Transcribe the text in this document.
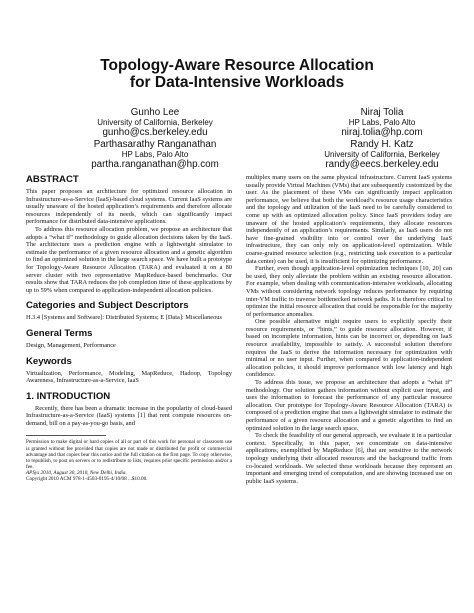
Topology-Aware Resource Allocation
for Data-Intensive Workloads
Gunho Lee
University of California, Berkeley
gunho@cs.berkeley.edu
Niraj Tolia
HP Labs, Palo Alto
niraj.tolia@hp.com
Parthasarathy Ranganathan
HP Labs, Palo Alto
partha.ranganathan@hp.com
Randy H. Katz
University of California, Berkeley
randy@eecs.berkeley.edu
ABSTRACT

This paper proposes an architecture for optimized resource allocation in Infrastructure-as-a-Service (IaaS)-based cloud systems. Current IaaS systems are usually unaware of the hosted application’s requirements and therefore allocate resources independently of its needs, which can significantly impact performance for distributed data-intensive applications.

To address this resource allocation problem, we propose an architecture that adopts a “what if” methodology to guide allocation decisions taken by the IaaS. The architecture uses a prediction engine with a lightweight simulator to estimate the performance of a given resource allocation and a genetic algorithm to find an optimized solution in the large search space. We have built a prototype for Topology-Aware Resource Allocation (TARA) and evaluated it on a 80 server cluster with two representative MapReduce-based benchmarks. Our results show that TARA reduces the job completion time of these applications by up to 59% when compared to application-independent allocation policies.

Categories and Subject Descriptors

H.3.4 [Systems and Software]: Distributed Systems; E [Data]: Miscellaneous

General Terms

Design, Management, Performance

Keywords

Virtualization, Performance, Modeling, MapReduce, Hadoop, Topology Awareness, Infrastructure-as-a-Service, IaaS

1. INTRODUCTION

Recently, there has been a dramatic increase in the popularity of cloud-based Infrastructure-as-a-Service (IaaS) systems [1] that rent compute resources on-demand, bill on a pay-as-you-go basis, and

Permission to make digital or hard copies of all or part of this work for personal or classroom use is granted without fee provided that copies are not made or distributed for profit or commercial advantage and that copies bear this notice and the full citation on the first page. To copy otherwise, to republish, to post on servers or to redistribute to lists, requires prior specific permission and/or a fee.

APSys 2010, August 30, 2010, New Delhi, India.

Copyright 2010 ACM 978-1-4503-0195-4/10/08 ...$10.00.

multiplex many users on the same physical infrastructure. Current IaaS systems usually provide Virtual Machines (VMs) that are subsequently customized by the user. As the placement of these VMs can significantly impact application performance, we believe that both the workload’s resource usage characteristics and the topology and utilization of the IaaS need to be carefully considered to come up with an optimized allocation policy. Since IaaS providers today are unaware of the hosted application’s requirements, they allocate resources independently of an application’s requirements. Similarly, as IaaS users do not have fine-grained visibility into or control over the underlying IaaS infrastructure, they can only rely on application-level optimization. While coarse-grained resource selection (e.g., restricting task execution to a particular data center) can be used, it is insufficient for optimizing performance.

Further, even though application-level optimization techniques [10, 20] can be used, they only alleviate the problem within an existing resource allocation. For example, when dealing with communication-intensive workloads, allocating VMs without considering network topology reduces performance by requiring inter-VM traffic to traverse bottlenecked network paths. It is therefore critical to optimize the initial resource allocation that could be responsible for the majority of performance anomalies.

One possible alternative might require users to explicitly specify their resource requirements, or “hints,” to guide resource allocation. However, if based on incomplete information, hints can be incorrect or, depending on IaaS resource availability, impossible to satisfy. A successful solution therefore requires the IaaS to derive the information necessary for optimization with minimal or no user input. Further, when compared to application-independent allocation policies, it should improve performance with low latency and high confidence.

To address this issue, we propose an architecture that adopts a “what if” methodology. Our solution gathers information without explicit user input, and uses the information to forecast the performance of any particular resource allocation. Our prototype for Topology-Aware Resource Allocation (TARA) is composed of a prediction engine that uses a lightweight simulator to estimate the performance of a given resource allocation and a genetic algorithm to find an optimized solution in the large search space.

To check the feasibility of our general approach, we evaluate it in a particular context. Specifically, in this paper, we concentrate on data-intensive applications, exemplified by MapReduce [6], that are sensitive to the network topology underlying their allocated resources and the background traffic from co-located workloads. We selected these workloads because they represent an important and emerging trend of computation, and are showing increased use on public IaaS systems.
